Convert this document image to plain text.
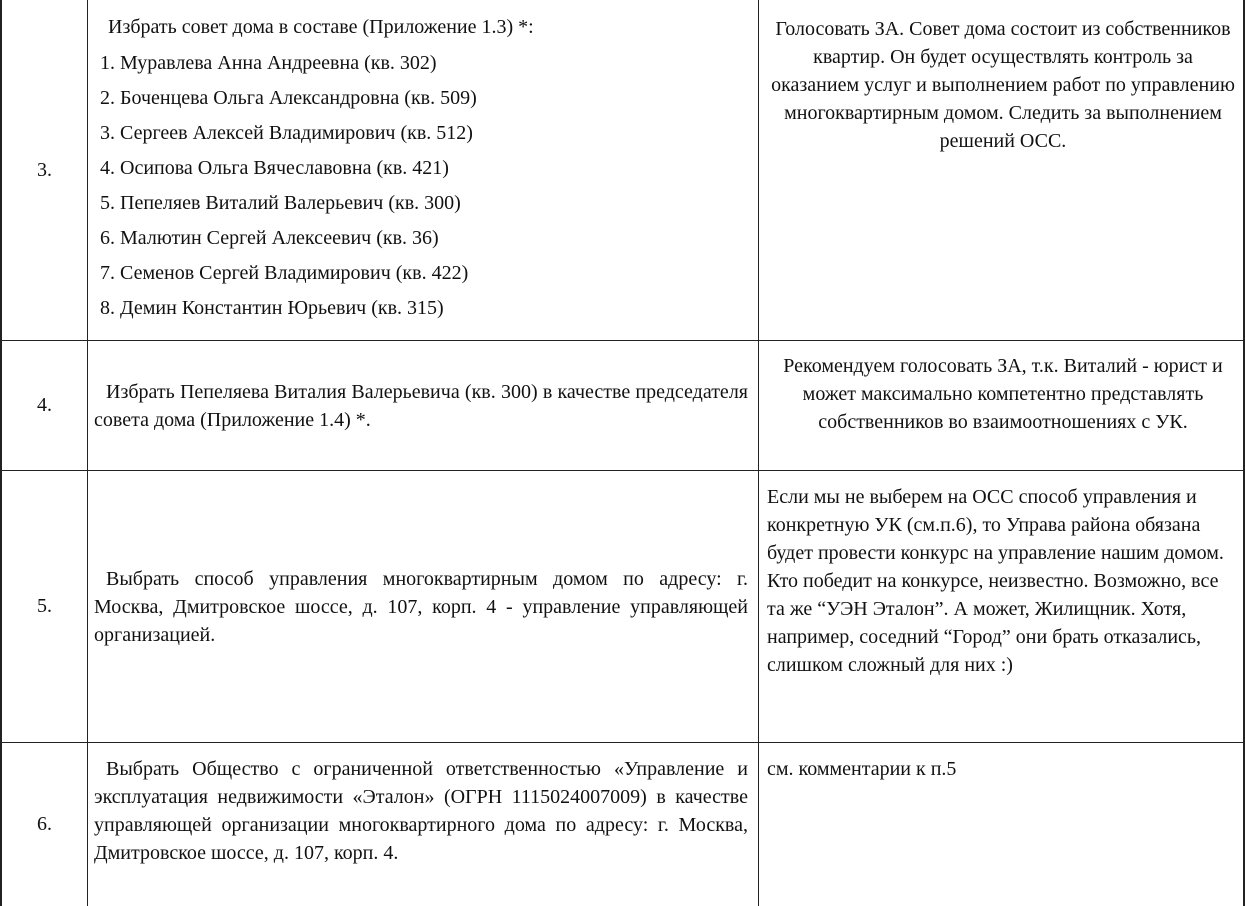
3.
Избрать совет дома в составе (Приложение 1.3) *:
1. Муравлева Анна Андреевна (кв. 302)
2. Боченцева Ольга Александровна (кв. 509)
3. Сергеев Алексей Владимирович (кв. 512)
4. Осипова Ольга Вячеславовна (кв. 421)
5. Пепеляев Виталий Валерьевич (кв. 300)
6. Малютин Сергей Алексеевич (кв. 36)
7. Семенов Сергей Владимирович (кв. 422)
8. Демин Константин Юрьевич (кв. 315)

Голосовать ЗА. Совет дома состоит из собственников квартир. Он будет осуществлять контроль за оказанием услуг и выполнением работ по управлению многоквартирным домом. Следить за выполнением решений ОСС.

4.

Избрать Пепеляева Виталия Валерьевича (кв. 300) в качестве председателя совета дома (Приложение 1.4) *.

Рекомендуем голосовать ЗА, т.к. Виталий - юрист и может максимально компетентно представлять собственников во взаимоотношениях с УК.

5.

Выбрать способ управления многоквартирным домом по адресу: г. Москва, Дмитровское шоссе, д. 107, корп. 4 - управление управляющей организацией.

Если мы не выберем на ОСС способ управления и конкретную УК (см.п.6), то Управа района обязана будет провести конкурс на управление нашим домом. Кто победит на конкурсе, неизвестно. Возможно, все та же “УЭН Эталон”. А может, Жилищник. Хотя, например, соседний “Город” они брать отказались, слишком сложный для них :)

6.

Выбрать Общество с ограниченной ответственностью «Управление и эксплуатация недвижимости «Эталон» (ОГРН 1115024007009) в качестве управляющей организации многоквартирного дома по адресу: г. Москва, Дмитровское шоссе, д. 107, корп. 4.

см. комментарии к п.5
